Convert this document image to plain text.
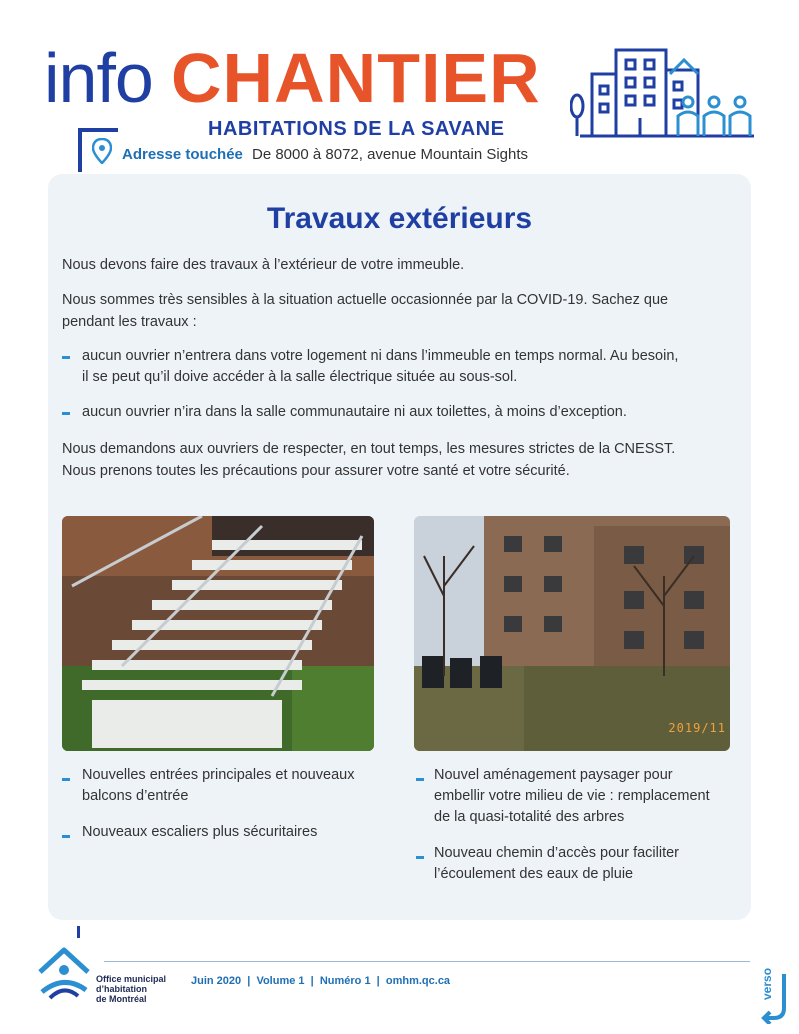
info CHANTIER
HABITATIONS DE LA SAVANE
Adresse touchée De 8000 à 8072, avenue Mountain Sights
Travaux extérieurs
Nous devons faire des travaux à l’extérieur de votre immeuble.
Nous sommes très sensibles à la situation actuelle occasionnée par la COVID-19. Sachez que
pendant les travaux :
aucun ouvrier n’entrera dans votre logement ni dans l’immeuble en temps normal. Au besoin,
il se peut qu’il doive accéder à la salle électrique située au sous-sol.
aucun ouvrier n’ira dans la salle communautaire ni aux toilettes, à moins d’exception.
Nous demandons aux ouvriers de respecter, en tout temps, les mesures strictes de la CNESST.
Nous prenons toutes les précautions pour assurer votre santé et votre sécurité.
2019/11
Nouvelles entrées principales et nouveaux
balcons d’entrée
Nouveaux escaliers plus sécuritaires
Nouvel aménagement paysager pour
embellir votre milieu de vie : remplacement
de la quasi-totalité des arbres
Nouveau chemin d’accès pour faciliter
l’écoulement des eaux de pluie
Office municipal
d’habitation
de Montréal
Juin 2020  |  Volume 1  |  Numéro 1  |  omhm.qc.ca	verso
